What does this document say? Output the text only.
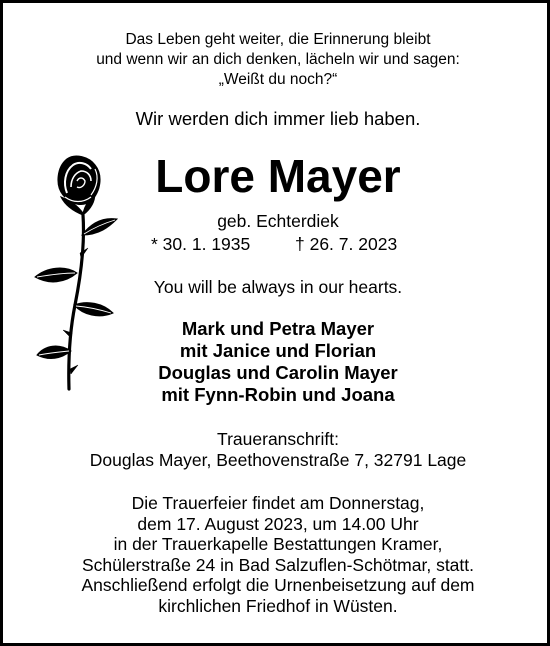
Das Leben geht weiter, die Erinnerung bleibt
und wenn wir an dich denken, lächeln wir und sagen:
„Weißt du noch?“
Wir werden dich immer lieb haben.
Lore Mayer
geb. Echterdiek
* 30. 1. 1935	† 26. 7. 2023
You will be always in our hearts.
Mark und Petra Mayer
mit Janice und Florian
Douglas und Carolin Mayer
mit Fynn-Robin und Joana
Traueranschrift:
Douglas Mayer, Beethovenstraße 7, 32791 Lage
Die Trauerfeier findet am Donnerstag,
dem 17. August 2023, um 14.00 Uhr
in der Trauerkapelle Bestattungen Kramer,
Schülerstraße 24 in Bad Salzuflen-Schötmar, statt.
Anschließend erfolgt die Urnenbeisetzung auf dem
kirchlichen Friedhof in Wüsten.
